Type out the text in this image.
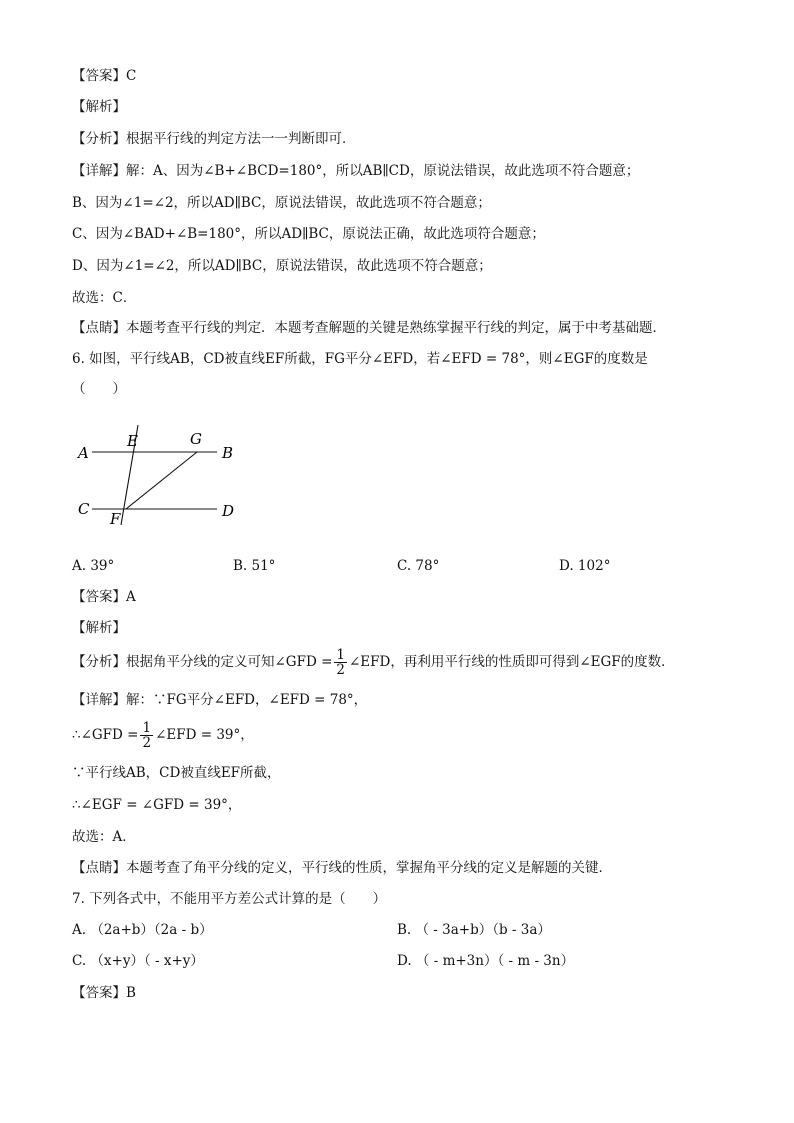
【答案】C
【解析】
【分析】根据平行线的判定方法一一判断即可．
【详解】解：A、因为∠B+∠BCD=180°，所以AB∥CD，原说法错误，故此选项不符合题意；
B、因为∠1=∠2，所以AD∥BC，原说法错误，故此选项不符合题意；
C、因为∠BAD+∠B=180°，所以AD∥BC，原说法正确，故此选项符合题意；
D、因为∠1=∠2，所以AD∥BC，原说法错误，故此选项不符合题意；
故选：C．
【点睛】本题考查平行线的判定．本题考查解题的关键是熟练掌握平行线的判定，属于中考基础题．
6. 如图，平行线AB，CD被直线EF所截，FG平分∠EFD，若∠EFD = 78°，则∠EGF的度数是
（　　）
A	B
C	D
E
F
G
A. 39°	B. 51°	C. 78°	D. 102°
【答案】A
【解析】
【分析】根据角平分线的定义可知∠GFD = $\frac{1}{2}$ ∠EFD，再利用平行线的性质即可得到∠EGF的度数．
【详解】解：∵FG平分∠EFD，∠EFD = 78°，
∴∠GFD = $\frac{1}{2}$ ∠EFD = 39°，
∵平行线AB，CD被直线EF所截，
∴∠EGF = ∠GFD = 39°，
故选：A．
【点睛】本题考查了角平分线的定义，平行线的性质，掌握角平分线的定义是解题的关键．
7. 下列各式中，不能用平方差公式计算的是（　　）
A. （2a+b）（2a - b）	B. （ - 3a+b）（b - 3a）
C. （x+y）（ - x+y）	D. （ - m+3n）（ - m - 3n）
【答案】B
